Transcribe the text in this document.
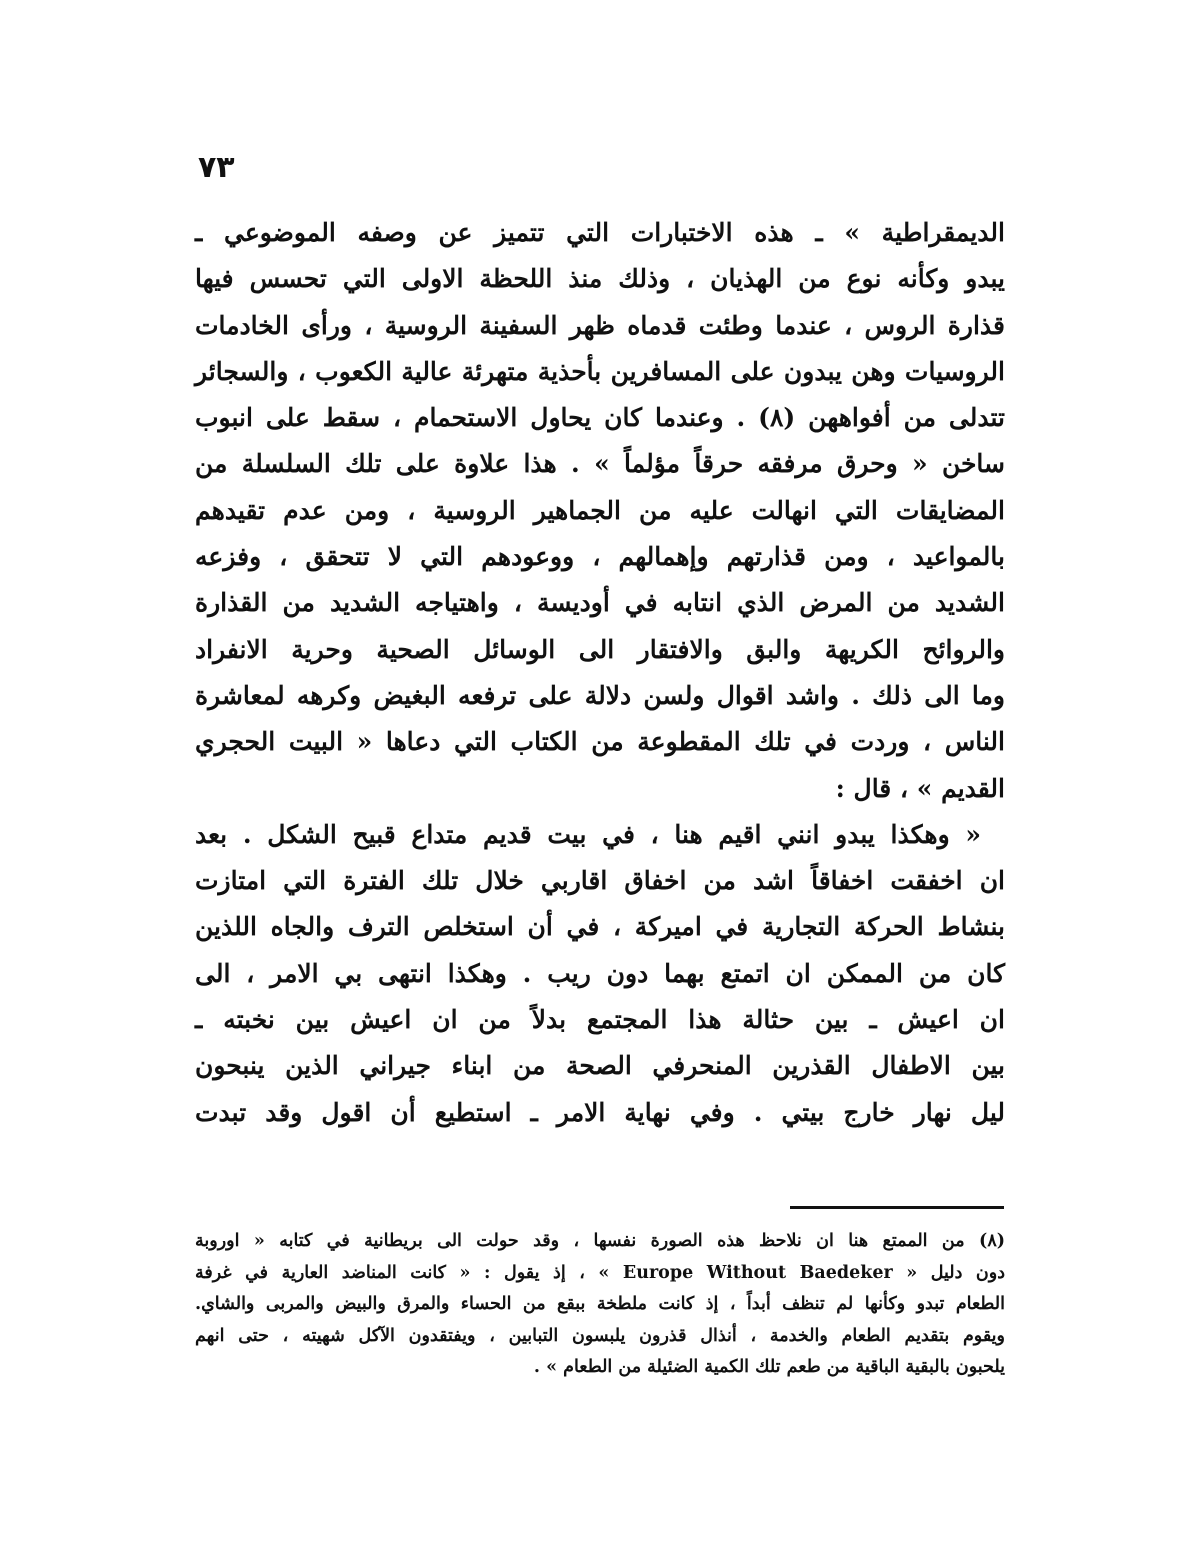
٧٣

الديمقراطية » ـ هذه الاختبارات التي تتميز عن وصفه الموضوعي ـ
يبدو وكأنه نوع من الهذيان ، وذلك منذ اللحظة الاولى التي تحسس فيها
قذارة الروس ، عندما وطئت قدماه ظهر السفينة الروسية ، ورأى الخادمات
الروسيات وهن يبدون على المسافرين بأحذية متهرئة عالية الكعوب ، والسجائر
تتدلى من أفواههن (٨) . وعندما كان يحاول الاستحمام ، سقط على انبوب
ساخن « وحرق مرفقه حرقاً مؤلماً » . هذا علاوة على تلك السلسلة من
المضايقات التي انهالت عليه من الجماهير الروسية ، ومن عدم تقيدهم
بالمواعيد ، ومن قذارتهم وإهمالهم ، ووعودهم التي لا تتحقق ، وفزعه
الشديد من المرض الذي انتابه في أوديسة ، واهتياجه الشديد من القذارة
والروائح الكريهة والبق والافتقار الى الوسائل الصحية وحرية الانفراد
وما الى ذلك . واشد اقوال ولسن دلالة على ترفعه البغيض وكرهه لمعاشرة
الناس ، وردت في تلك المقطوعة من الكتاب التي دعاها « البيت الحجري
القديم » ، قال :

« وهكذا يبدو انني اقيم هنا ، في بيت قديم متداع قبيح الشكل . بعد
ان اخفقت اخفاقاً اشد من اخفاق اقاربي خلال تلك الفترة التي امتازت
بنشاط الحركة التجارية في اميركة ، في أن استخلص الترف والجاه اللذين
كان من الممكن ان اتمتع بهما دون ريب . وهكذا انتهى بي الامر ، الى
ان اعيش ـ بين حثالة هذا المجتمع بدلاً من ان اعيش بين نخبته ـ
بين الاطفال القذرين المنحرفي الصحة من ابناء جيراني الذين ينبحون
ليل نهار خارج بيتي . وفي نهاية الامر ـ استطيع أن اقول وقد تبدت

(٨) من الممتع هنا ان نلاحظ هذه الصورة نفسها ، وقد حولت الى بريطانية في كتابه « اوروبة
دون دليل « Europe Without Baedeker » ، إذ يقول : « كانت المناضد العارية في غرفة
الطعام تبدو وكأنها لم تنظف أبداً ، إذ كانت ملطخة ببقع من الحساء والمرق والبيض والمربى والشاي.
ويقوم بتقديم الطعام والخدمة ، أنذال قذرون يلبسون التبابين ، ويفتقدون الآكل شهيته ، حتى انهم
يلحبون بالبقية الباقية من طعم تلك الكمية الضئيلة من الطعام » .
